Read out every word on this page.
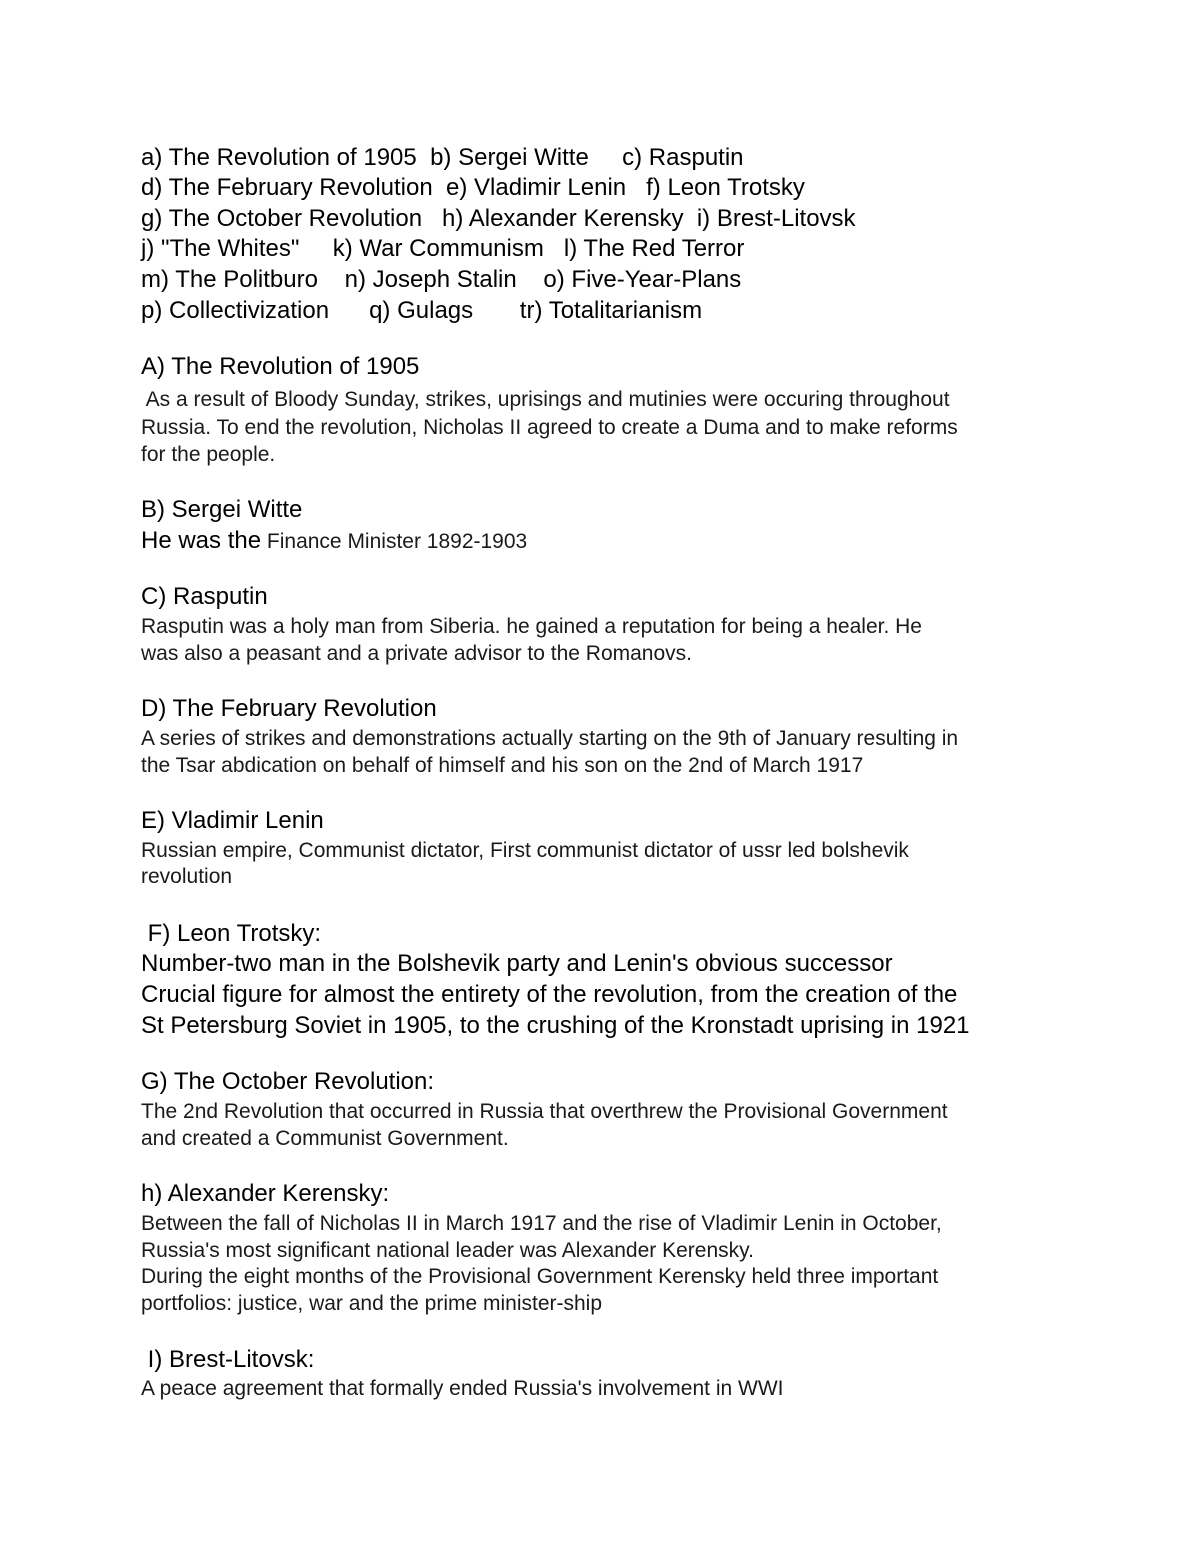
a) The Revolution of 1905  b) Sergei Witte     c) Rasputin
d) The February Revolution  e) Vladimir Lenin   f) Leon Trotsky
g) The October Revolution   h) Alexander Kerensky  i) Brest-Litovsk
j) "The Whites"     k) War Communism   l) The Red Terror
m) The Politburo    n) Joseph Stalin    o) Five-Year-Plans
p) Collectivization      q) Gulags       tr) Totalitarianism
A) The Revolution of 1905
As a result of Bloody Sunday, strikes, uprisings and mutinies were occuring throughout
Russia. To end the revolution, Nicholas II agreed to create a Duma and to make reforms
for the people.
B) Sergei Witte
He was the Finance Minister 1892-1903
C) Rasputin
Rasputin was a holy man from Siberia. he gained a reputation for being a healer. He
was also a peasant and a private advisor to the Romanovs.
D) The February Revolution
A series of strikes and demonstrations actually starting on the 9th of January resulting in
the Tsar abdication on behalf of himself and his son on the 2nd of March 1917
E) Vladimir Lenin
Russian empire, Communist dictator, First communist dictator of ussr led bolshevik
revolution
F) Leon Trotsky:
Number-two man in the Bolshevik party and Lenin's obvious successor
Crucial figure for almost the entirety of the revolution, from the creation of the
St Petersburg Soviet in 1905, to the crushing of the Kronstadt uprising in 1921
G) The October Revolution:
The 2nd Revolution that occurred in Russia that overthrew the Provisional Government
and created a Communist Government.
h) Alexander Kerensky:
Between the fall of Nicholas II in March 1917 and the rise of Vladimir Lenin in October,
Russia's most significant national leader was Alexander Kerensky.
During the eight months of the Provisional Government Kerensky held three important
portfolios: justice, war and the prime minister-ship
I) Brest-Litovsk:
A peace agreement that formally ended Russia's involvement in WWI
